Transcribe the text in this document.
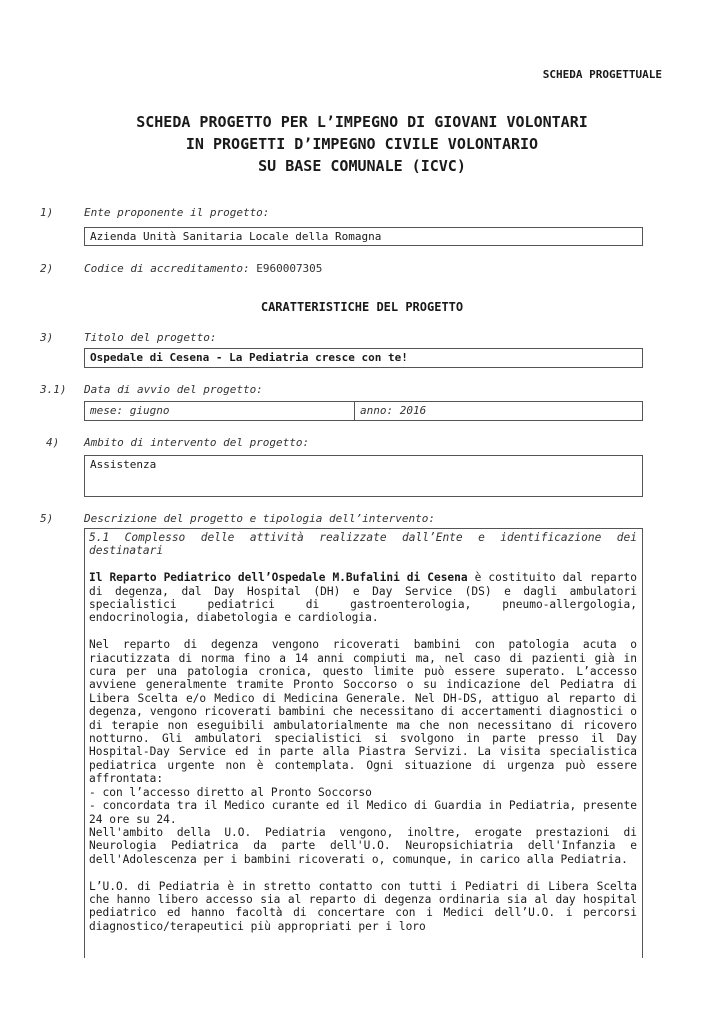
SCHEDA PROGETTUALE
SCHEDA PROGETTO PER L’IMPEGNO DI GIOVANI VOLONTARI
IN PROGETTI D’IMPEGNO CIVILE VOLONTARIO
SU BASE COMUNALE (ICVC)
1)	Ente proponente il progetto:
Azienda Unità Sanitaria Locale della Romagna
2)	Codice di accreditamento: E960007305
CARATTERISTICHE DEL PROGETTO
3)	Titolo del progetto:
Ospedale di Cesena - La Pediatria cresce con te!
3.1) Data di avvio del progetto:
mese: giugno	anno: 2016
4) Ambito di intervento del progetto:
Assistenza
5)	Descrizione del progetto e tipologia dell’intervento:

5.1 Complesso delle attività realizzate dall’Ente e identificazione dei destinatari

Il Reparto Pediatrico dell’Ospedale M.Bufalini di Cesena è costituito dal reparto di degenza, dal Day Hospital (DH) e Day Service (DS) e dagli ambulatori specialistici pediatrici di gastroenterologia, pneumo-allergologia, endocrinologia, diabetologia e cardiologia.

Nel reparto di degenza vengono ricoverati bambini con patologia acuta o riacutizzata di norma fino a 14 anni compiuti ma, nel caso di pazienti già in cura per una patologia cronica, questo limite può essere superato. L’accesso avviene generalmente tramite Pronto Soccorso o su indicazione del Pediatra di Libera Scelta e/o Medico di Medicina Generale. Nel DH-DS, attiguo al reparto di degenza, vengono ricoverati bambini che necessitano di accertamenti diagnostici o di terapie non eseguibili ambulatorialmente ma che non necessitano di ricovero notturno. Gli ambulatori specialistici si svolgono in parte presso il Day Hospital-Day Service ed in parte alla Piastra Servizi. La visita specialistica pediatrica urgente non è contemplata. Ogni situazione di urgenza può essere affrontata:

- con l’accesso diretto al Pronto Soccorso

- concordata tra il Medico curante ed il Medico di Guardia in Pediatria, presente 24 ore su 24.

Nell'ambito della U.O. Pediatria vengono, inoltre, erogate prestazioni di Neurologia Pediatrica da parte dell'U.O. Neuropsichiatria dell'Infanzia e dell'Adolescenza per i bambini ricoverati o, comunque, in carico alla Pediatria.

L’U.O. di Pediatria è in stretto contatto con tutti i Pediatri di Libera Scelta che hanno libero accesso sia al reparto di degenza ordinaria sia al day hospital pediatrico ed hanno facoltà di concertare con i Medici dell’U.O. i percorsi diagnostico/terapeutici più appropriati per i loro
